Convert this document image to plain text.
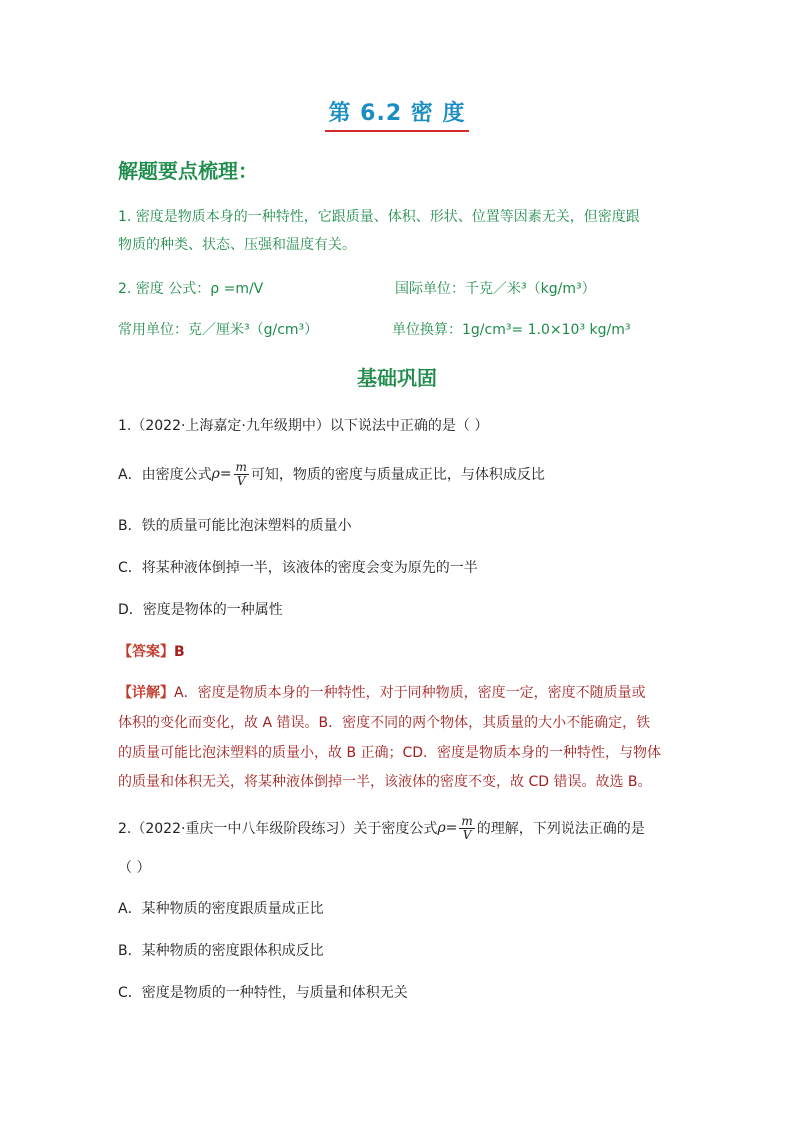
第 6.2 密 度
解题要点梳理：
1. 密度是物质本身的一种特性，它跟质量、体积、形状、位置等因素无关，但密度跟
物质的种类、状态、压强和温度有关。
2. 密度 公式：ρ =m/V	国际单位：千克／米³（kg/m³）
常用单位：克／厘米³（g/cm³）	单位换算：1g/cm³= 1.0×10³ kg/m³
基础巩固
1.（2022·上海嘉定·九年级期中）以下说法中正确的是（ ）
A．由密度公式 $\rho = \frac{m}{V}$ 可知，物质的密度与质量成正比，与体积成反比
B．铁的质量可能比泡沫塑料的质量小
C．将某种液体倒掉一半，该液体的密度会变为原先的一半
D．密度是物体的一种属性
【答案】B
【详解】A．密度是物质本身的一种特性，对于同种物质，密度一定，密度不随质量或
体积的变化而变化，故 A 错误。B．密度不同的两个物体，其质量的大小不能确定，铁
的质量可能比泡沫塑料的质量小，故 B 正确；CD．密度是物质本身的一种特性，与物体
的质量和体积无关，将某种液体倒掉一半，该液体的密度不变，故 CD 错误。故选 B。
2.（2022·重庆一中八年级阶段练习）关于密度公式 $\rho = \frac{m}{V}$ 的理解，下列说法正确的是
（ ）
A．某种物质的密度跟质量成正比
B．某种物质的密度跟体积成反比
C．密度是物质的一种特性，与质量和体积无关
